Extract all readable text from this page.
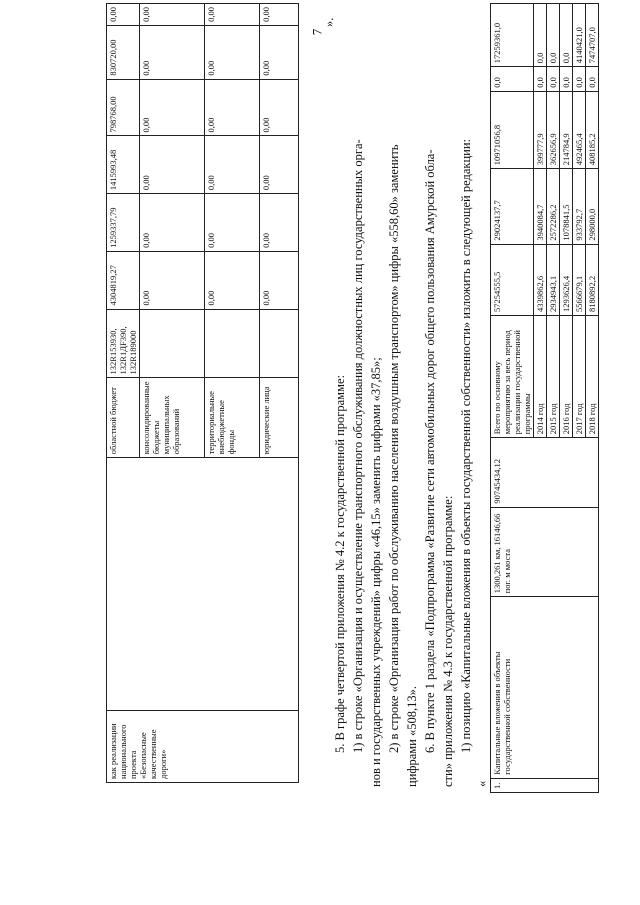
7
как реализации национального проекта «Безопасные качественные дороги»		областной бюджет	132R153930, 132R1ДF390, 132R189000	4304819,27	1259337,79	1415993,48	798768,00	830720,00	0,00
		консолидированные бюджеты муниципальных образований		0,00	0,00	0,00	0,00	0,00	0,00
		территориальные внебюджетные фонды		0,00	0,00	0,00	0,00	0,00	0,00
		юридические лица		0,00	0,00	0,00	0,00	0,00	0,00
».
5. В графе четвертой приложения № 4.2 к государственной программе: 1) в строке «Организация и осуществление транспортного обслуживания должностных лиц государственных орга- нов и государственных учреждений» цифры «46,15» заменить цифрами «37,85»; 2) в строке «Организация работ по обслуживанию населения воздушным транспортом» цифры «558,60» заменить цифрами «508,13». 6. В пункте 1 раздела «Подпрограмма «Развитие сети автомобильных дорог общего пользования Амурской обла- сти» приложения № 4.3 к государственной программе: 1) позицию «Капитальные вложения в объекты государственной собственности» изложить в следующей редакции:
« 1.	Капитальные вложения в объекты государственной собственности	1300,261 км, 16146,66 пог. м моста	90745434,12	Всего по основному мероприятию за весь период реализации государственной программы	57254555,5	29024137,7	10971056,8	0,0	17259361,0
				2014 год	4339862,6	3940084,7	399777,9	0,0	0,0
				2015 год	2934943,1	2572286,2	362656,9	0,0	0,0
				2016 год	1293626,4	1078841,5	214784,9	0,0	0,0
				2017 год	5566679,1	933792,7	492465,4	0,0	4140421,0
				2018 год	8180892,2	298000,0	408185,2	0,0	7474707,0
